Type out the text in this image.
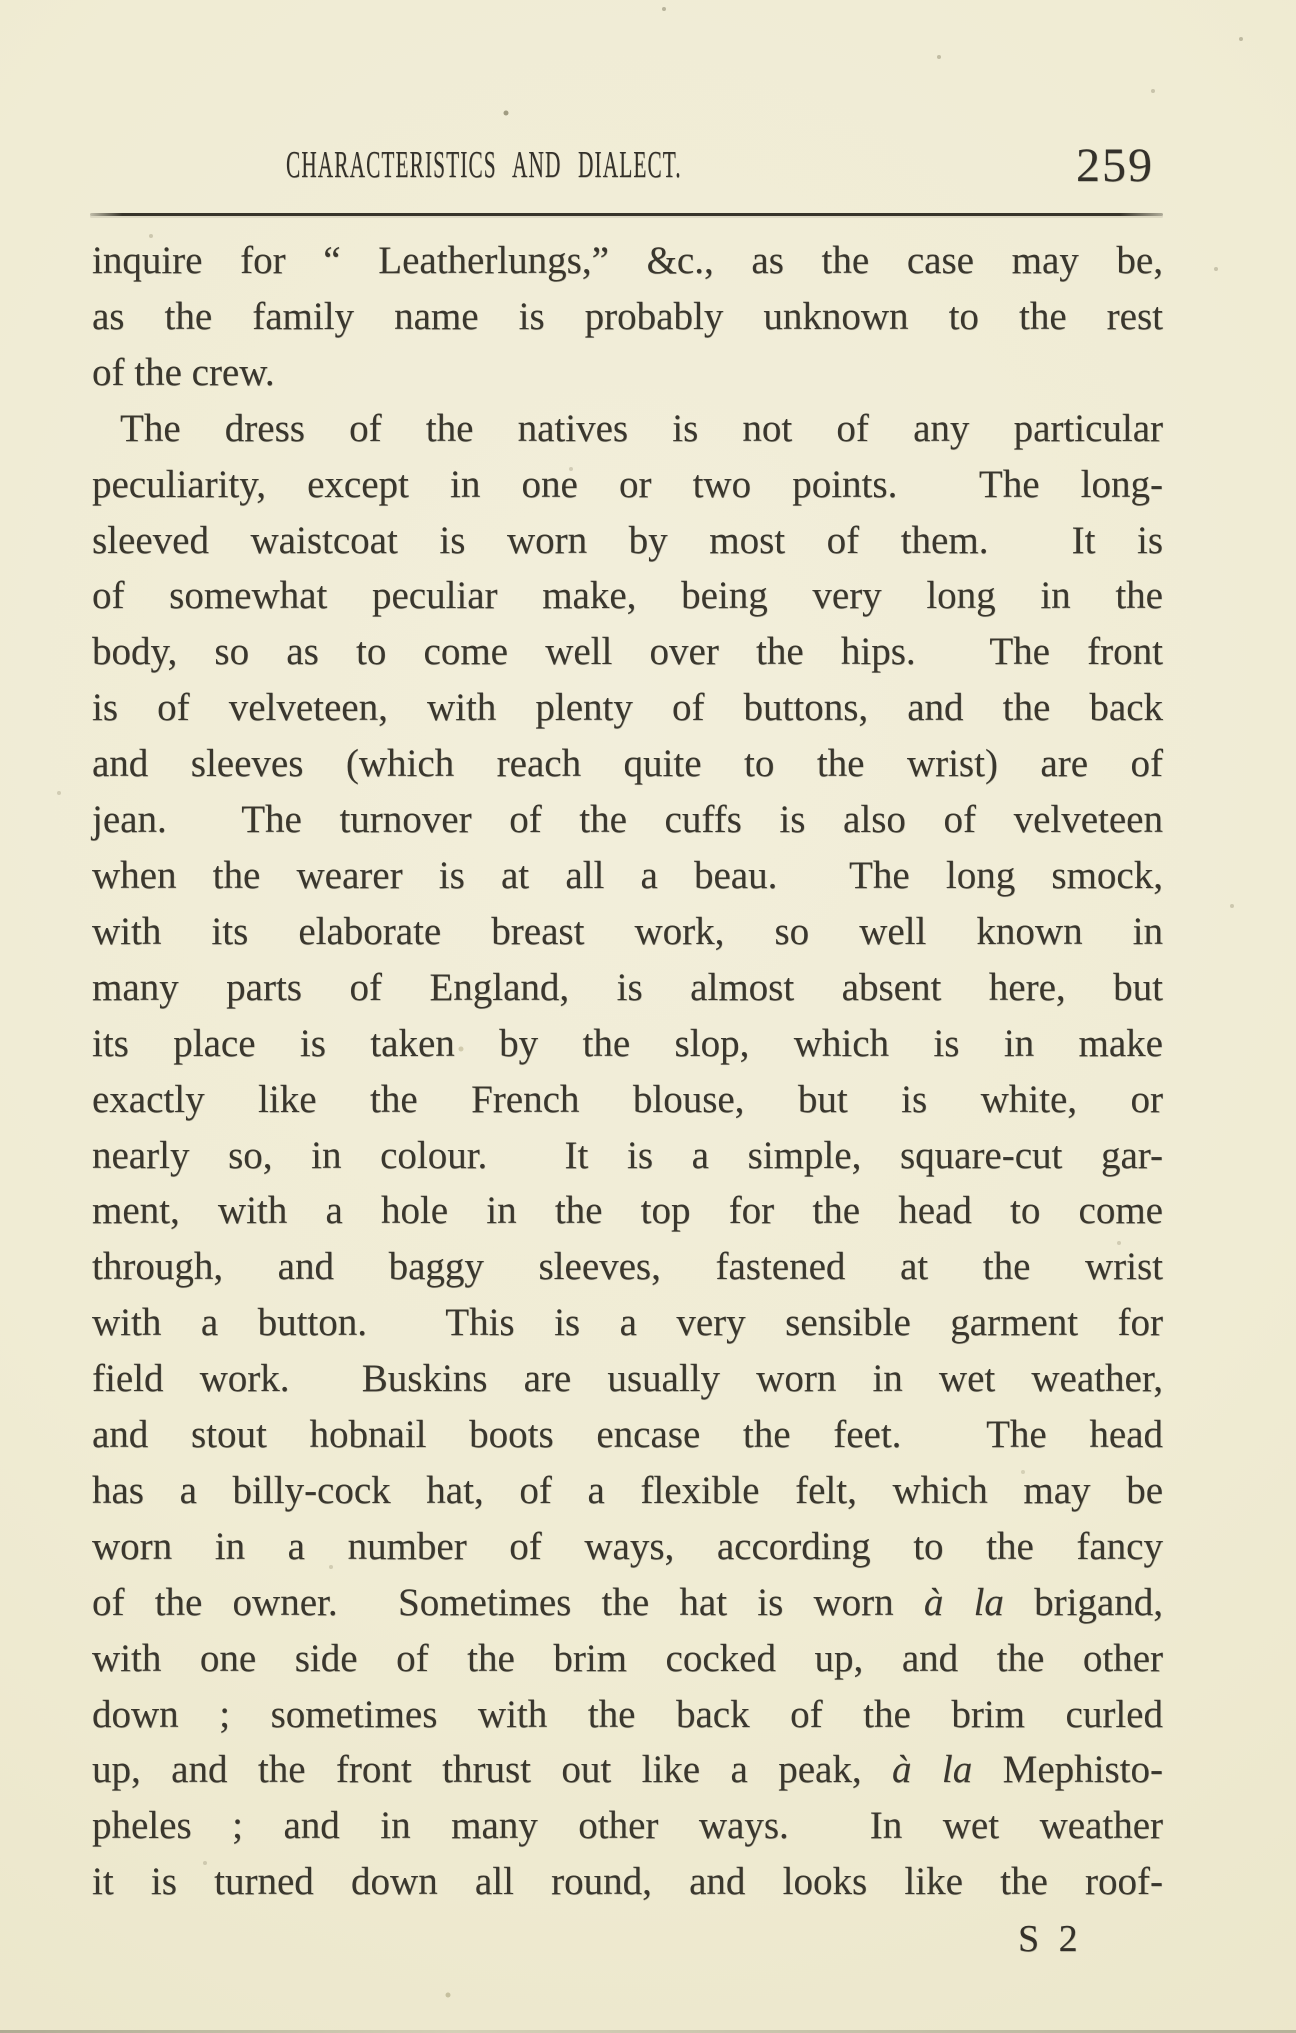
CHARACTERISTICS AND DIALECT.	259
inquire for “ Leatherlungs,” &c., as the case may be,
as the family name is probably unknown to the rest
of the crew.
The dress of the natives is not of any particular
peculiarity, except in one or two points.  The long-
sleeved waistcoat is worn by most of them.  It is
of somewhat peculiar make, being very long in the
body, so as to come well over the hips.  The front
is of velveteen, with plenty of buttons, and the back
and sleeves (which reach quite to the wrist) are of
jean.  The turnover of the cuffs is also of velveteen
when the wearer is at all a beau.  The long smock,
with its elaborate breast work, so well known in
many parts of England, is almost absent here, but
its place is taken by the slop, which is in make
exactly like the French blouse, but is white, or
nearly so, in colour.  It is a simple, square-cut gar-
ment, with a hole in the top for the head to come
through, and baggy sleeves, fastened at the wrist
with a button.  This is a very sensible garment for
field work.  Buskins are usually worn in wet weather,
and stout hobnail boots encase the feet.  The head
has a billy-cock hat, of a flexible felt, which may be
worn in a number of ways, according to the fancy
of the owner.  Sometimes the hat is worn à la brigand,
with one side of the brim cocked up, and the other
down ; sometimes with the back of the brim curled
up, and the front thrust out like a peak, à la Mephisto-
pheles ; and in many other ways.  In wet weather
it is turned down all round, and looks like the roof-
S 2
